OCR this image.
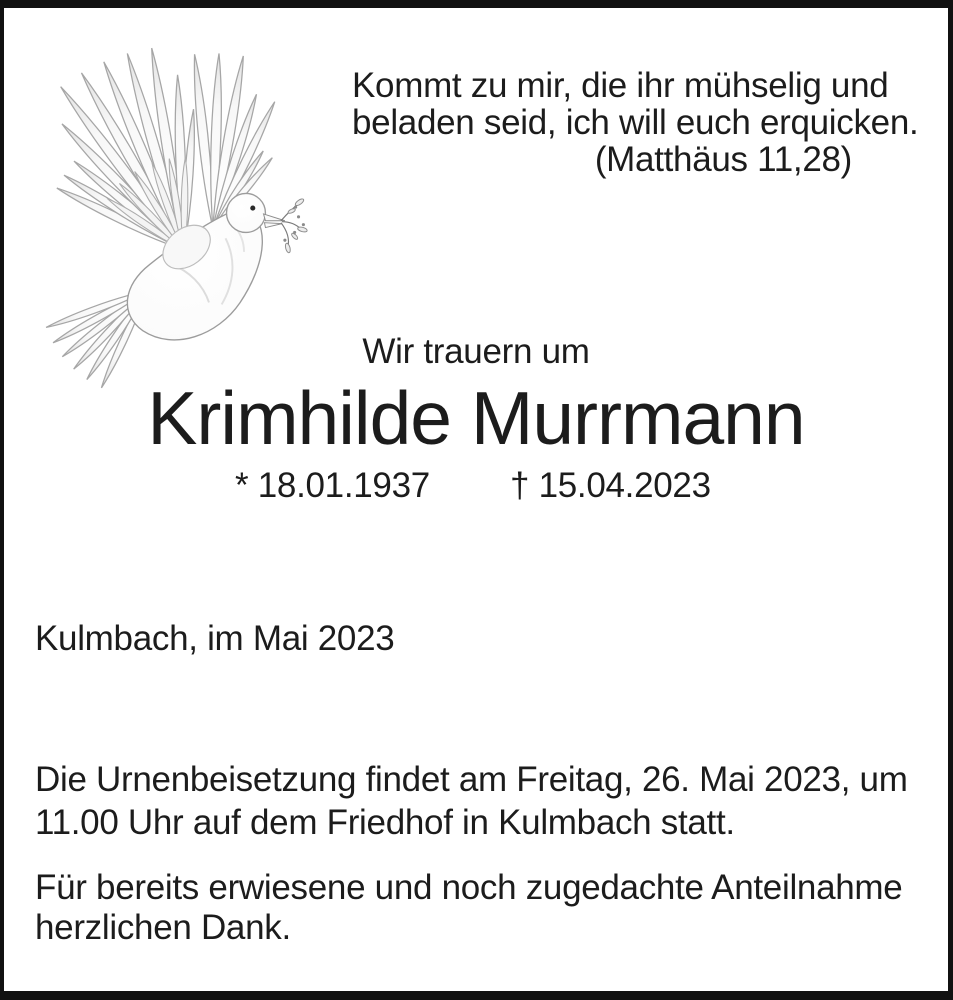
Kommt zu mir, die ihr mühselig und
beladen seid, ich will euch erquicken.
(Matthäus 11,28)
Wir trauern um
Krimhilde Murrmann
* 18.01.1937 † 15.04.2023
Kulmbach, im Mai 2023
Die Urnenbeisetzung findet am Freitag, 26. Mai 2023, um
11.00 Uhr auf dem Friedhof in Kulmbach statt.
Für bereits erwiesene und noch zugedachte Anteilnahme
herzlichen Dank.
